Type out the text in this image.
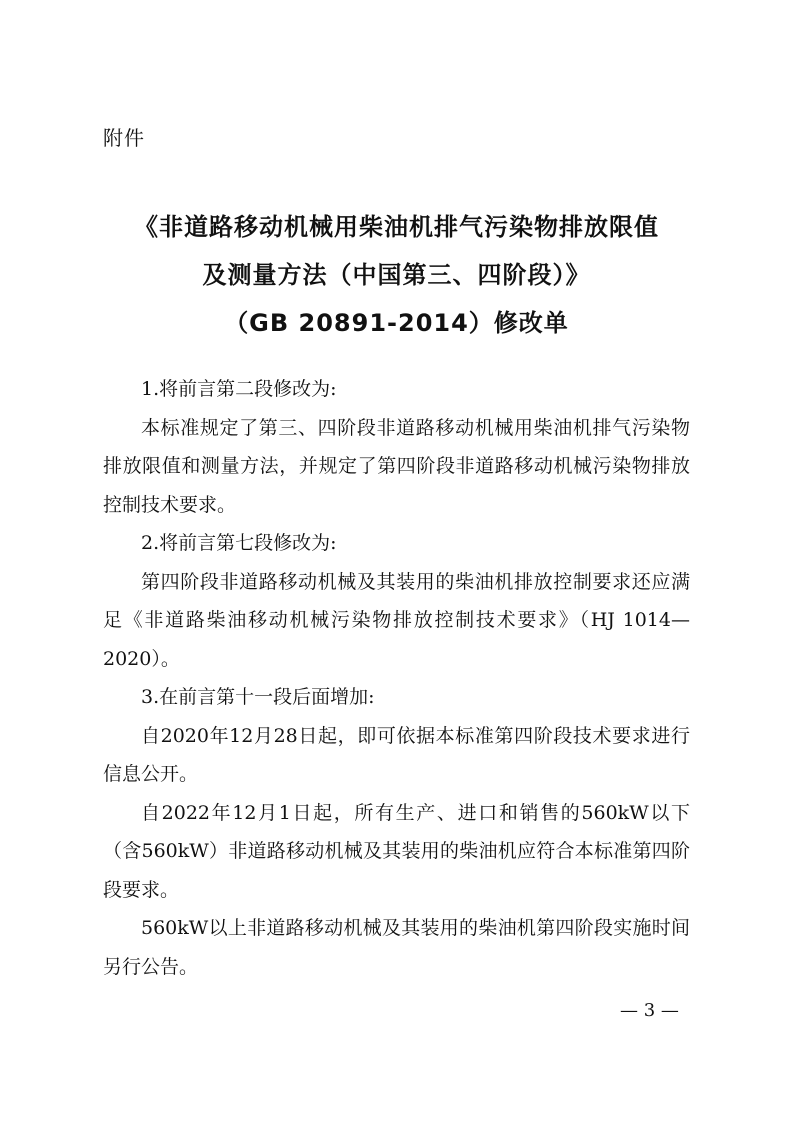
附件
《非道路移动机械用柴油机排气污染物排放限值
及测量方法（中国第三、四阶段）》
（GB 20891-2014）修改单

1.将前言第二段修改为:

本标准规定了第三、四阶段非道路移动机械用柴油机排气污染物排放限值和测量方法，并规定了第四阶段非道路移动机械污染物排放控制技术要求。

2.将前言第七段修改为:

第四阶段非道路移动机械及其装用的柴油机排放控制要求还应满足《非道路柴油移动机械污染物排放控制技术要求》（HJ 1014—2020）。

3.在前言第十一段后面增加:

自2020年12月28日起，即可依据本标准第四阶段技术要求进行信息公开。

自2022年12月1日起，所有生产、进口和销售的560kW以下（含560kW）非道路移动机械及其装用的柴油机应符合本标准第四阶段要求。

560kW以上非道路移动机械及其装用的柴油机第四阶段实施时间另行公告。

— 3 —
